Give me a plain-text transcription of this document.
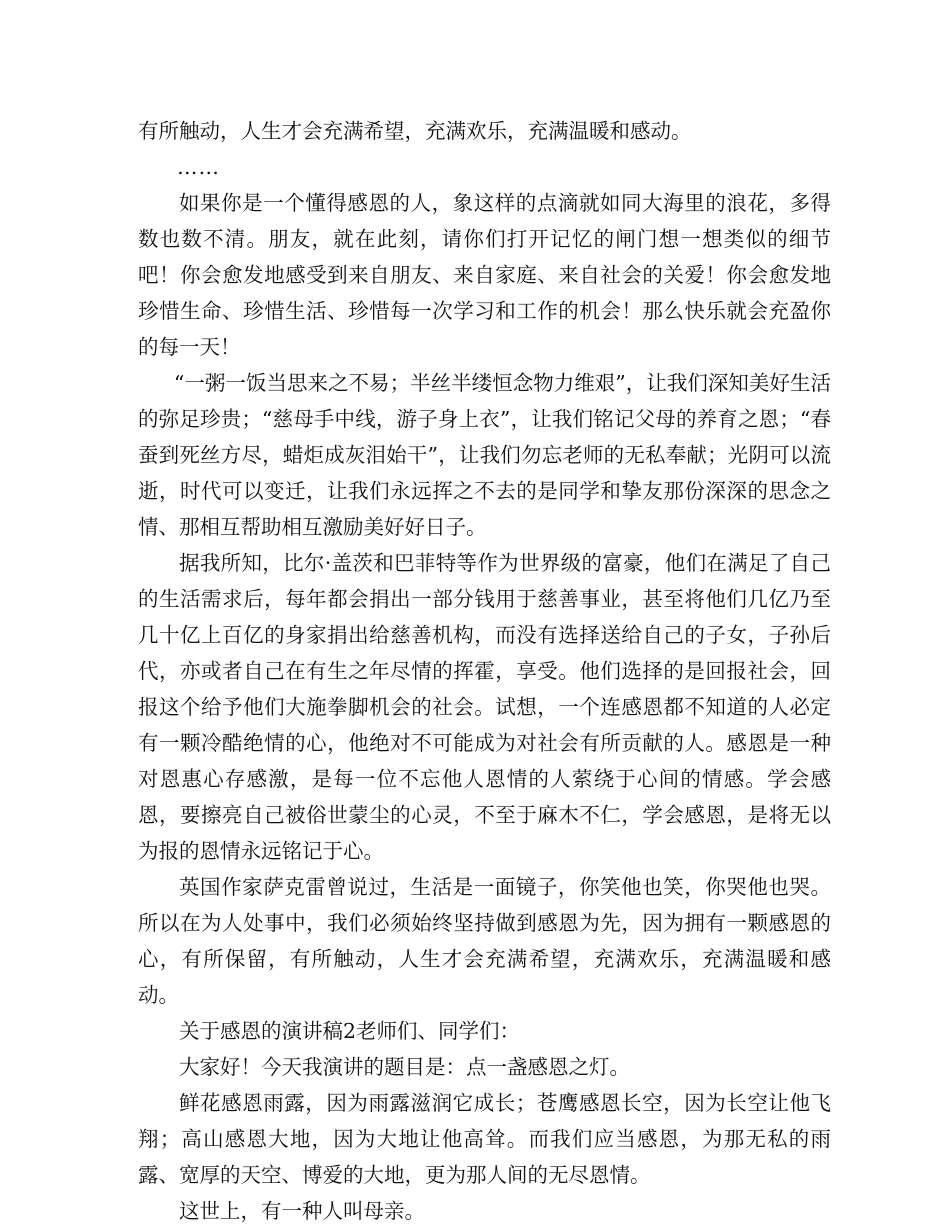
有所触动，人生才会充满希望，充满欢乐，充满温暖和感动。

……

如果你是一个懂得感恩的人，象这样的点滴就如同大海里的浪花，多得数也数不清。朋友，就在此刻，请你们打开记忆的闸门想一想类似的细节吧！你会愈发地感受到来自朋友、来自家庭、来自社会的关爱！你会愈发地珍惜生命、珍惜生活、珍惜每一次学习和工作的机会！那么快乐就会充盈你的每一天！

“一粥一饭当思来之不易；半丝半缕恒念物力维艰”，让我们深知美好生活的弥足珍贵；“慈母手中线，游子身上衣”，让我们铭记父母的养育之恩；“春蚕到死丝方尽，蜡炬成灰泪始干”，让我们勿忘老师的无私奉献；光阴可以流逝，时代可以变迁，让我们永远挥之不去的是同学和挚友那份深深的思念之情、那相互帮助相互激励美好好日子。

据我所知，比尔·盖茨和巴菲特等作为世界级的富豪，他们在满足了自己的生活需求后，每年都会捐出一部分钱用于慈善事业，甚至将他们几亿乃至几十亿上百亿的身家捐出给慈善机构，而没有选择送给自己的子女，子孙后代，亦或者自己在有生之年尽情的挥霍，享受。他们选择的是回报社会，回报这个给予他们大施拳脚机会的社会。试想，一个连感恩都不知道的人必定有一颗冷酷绝情的心，他绝对不可能成为对社会有所贡献的人。感恩是一种对恩惠心存感激，是每一位不忘他人恩情的人萦绕于心间的情感。学会感恩，要擦亮自己被俗世蒙尘的心灵，不至于麻木不仁，学会感恩，是将无以为报的恩情永远铭记于心。

英国作家萨克雷曾说过，生活是一面镜子，你笑他也笑，你哭他也哭。所以在为人处事中，我们必须始终坚持做到感恩为先，因为拥有一颗感恩的心，有所保留，有所触动，人生才会充满希望，充满欢乐，充满温暖和感动。

关于感恩的演讲稿2老师们、同学们：

大家好！今天我演讲的题目是：点一盏感恩之灯。

鲜花感恩雨露，因为雨露滋润它成长；苍鹰感恩长空，因为长空让他飞翔；高山感恩大地，因为大地让他高耸。而我们应当感恩，为那无私的雨露、宽厚的天空、博爱的大地，更为那人间的无尽恩情。

这世上，有一种人叫母亲。
